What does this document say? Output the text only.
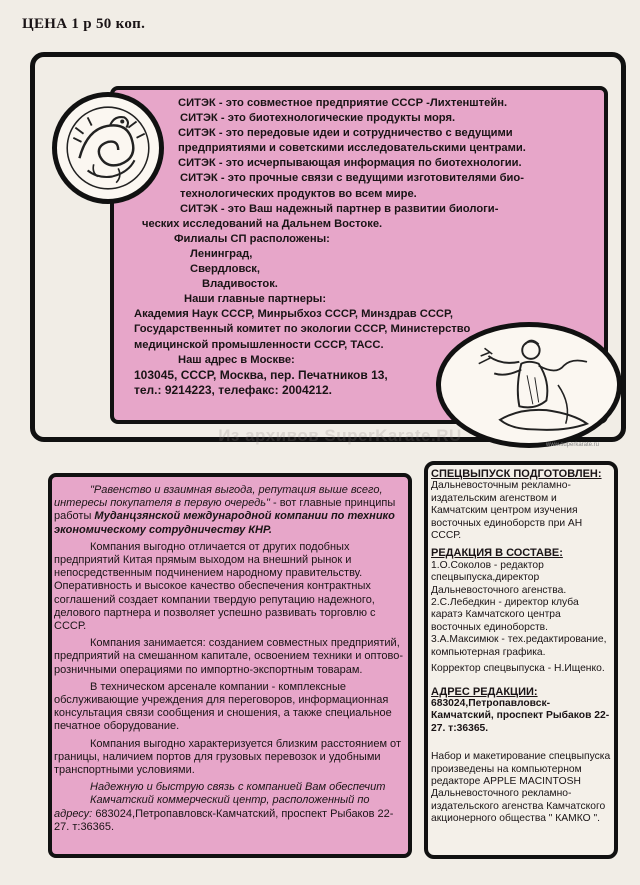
ЦЕНА 1 р 50 коп.
СИТЭК - это совместное предприятие СССР -Лихтенштейн.
СИТЭК - это биотехнологические продукты моря.
СИТЭК - это передовые идеи и сотрудничество с ведущими
предприятиями и советскими исследовательскими центрами.
СИТЭК - это исчерпывающая информация по биотехнологии.
СИТЭК - это прочные связи с ведущими изготовителями био-
технологических продуктов во всем мире.
СИТЭК - это Ваш надежный партнер в развитии биологи-
ческих исследований на Дальнем Востоке.
Филиалы СП расположены:
Ленинград,
Свердловск,
Владивосток.
Наши главные партнеры:
Академия Наук СССР, Минрыбхоз СССР, Минздрав СССР,
Государственный комитет по экологии СССР, Министерство
медицинской промышленности СССР, ТАСС.
Наш адрес в Москве:
103045, СССР, Москва, пер. Печатников 13,
тел.: 9214223, телефакс: 2004212.
Из архивов SuperKarate.RU	www.superkarate.ru

"Равенство и взаимная выгода, репутация выше всего, интересы покупателя в первую очередь" - вот главные принципы работы Муданцзянской международной компании по технико экономическому сотрудничеству КНР.

Компания выгодно отличается от других подобных предприятий Китая прямым выходом на внешний рынок и непосредственным подчинением народному правительству. Оперативность и высокое качество обеспечения контрактных соглашений создает компании твердую репутацию надежного, делового партнера и позволяет успешно развивать торговлю с СССР.

Компания занимается: созданием совместных предприятий, предприятий на смешанном капитале, освоением техники и оптово-розничными операциями по импортно-экспортным товарам.

В техническом арсенале компании - комплексные обслуживающие учреждения для переговоров, информационная консультация связи сообщения и сношения, а также специальное печатное оборудование.

Компания выгодно характеризуется близким расстоянием от границы, наличием портов для грузовых перевозок и удобными транспортными условиями.

Надежную и быструю связь с компанией Вам обеспечит

Камчатский коммерческий центр, расположенный по адресу: 683024,Петропавловск-Камчатский, проспект Рыбаков 22-27. т:36365.

СПЕЦВЫПУСК ПОДГОТОВЛЕН:
Дальневосточным рекламно-издательским агенством и Камчатским центром изучения восточных единоборств при АН СССР.
РЕДАКЦИЯ В СОСТАВЕ:
1.О.Соколов - редактор спецвыпуска,директор Дальневосточного агенства.
2.С.Лебедкин - директор клуба каратэ Камчатского центра восточных единоборств.
3.А.Максимюк - тех.редактирование, компьютерная графика.
Корректор спецвыпуска - Н.Ищенко.
АДРЕС РЕДАКЦИИ:
683024,Петропавловск-Камчатский, проспект Рыбаков 22-27. т:36365.
Набор и макетирование спецвыпуска произведены на компьютерном редакторе APPLE MACINTOSH Дальневосточного рекламно-издательского агенства Камчатского акционерного общества " КАМКО ".
